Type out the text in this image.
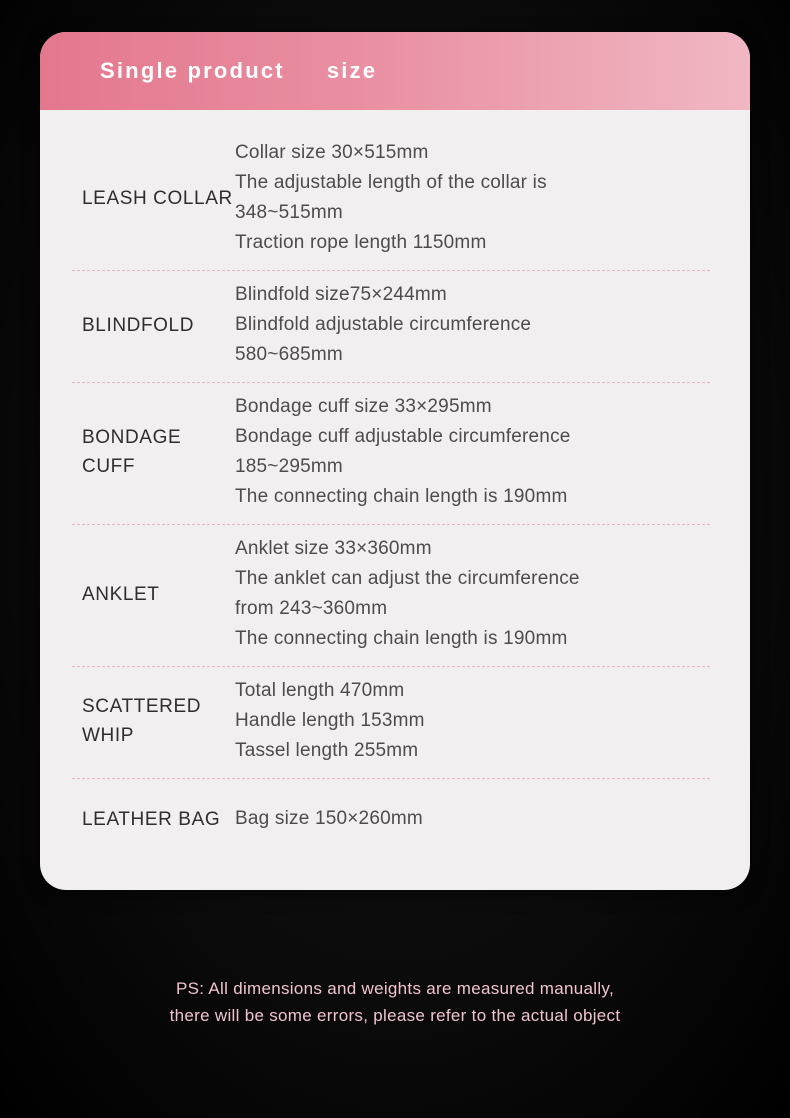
Single product size
LEASH COLLAR
Collar size 30×515mm
The adjustable length of the collar is
348~515mm
Traction rope length 1150mm
BLINDFOLD
Blindfold size75×244mm
Blindfold adjustable circumference
580~685mm
BONDAGE CUFF
Bondage cuff size 33×295mm
Bondage cuff adjustable circumference
185~295mm
The connecting chain length is 190mm
ANKLET
Anklet size 33×360mm
The anklet can adjust the circumference
from 243~360mm
The connecting chain length is 190mm
SCATTERED WHIP
Total length 470mm
Handle length 153mm
Tassel length 255mm
LEATHER BAG Bag size 150×260mm
PS: All dimensions and weights are measured manually,
there will be some errors, please refer to the actual object
